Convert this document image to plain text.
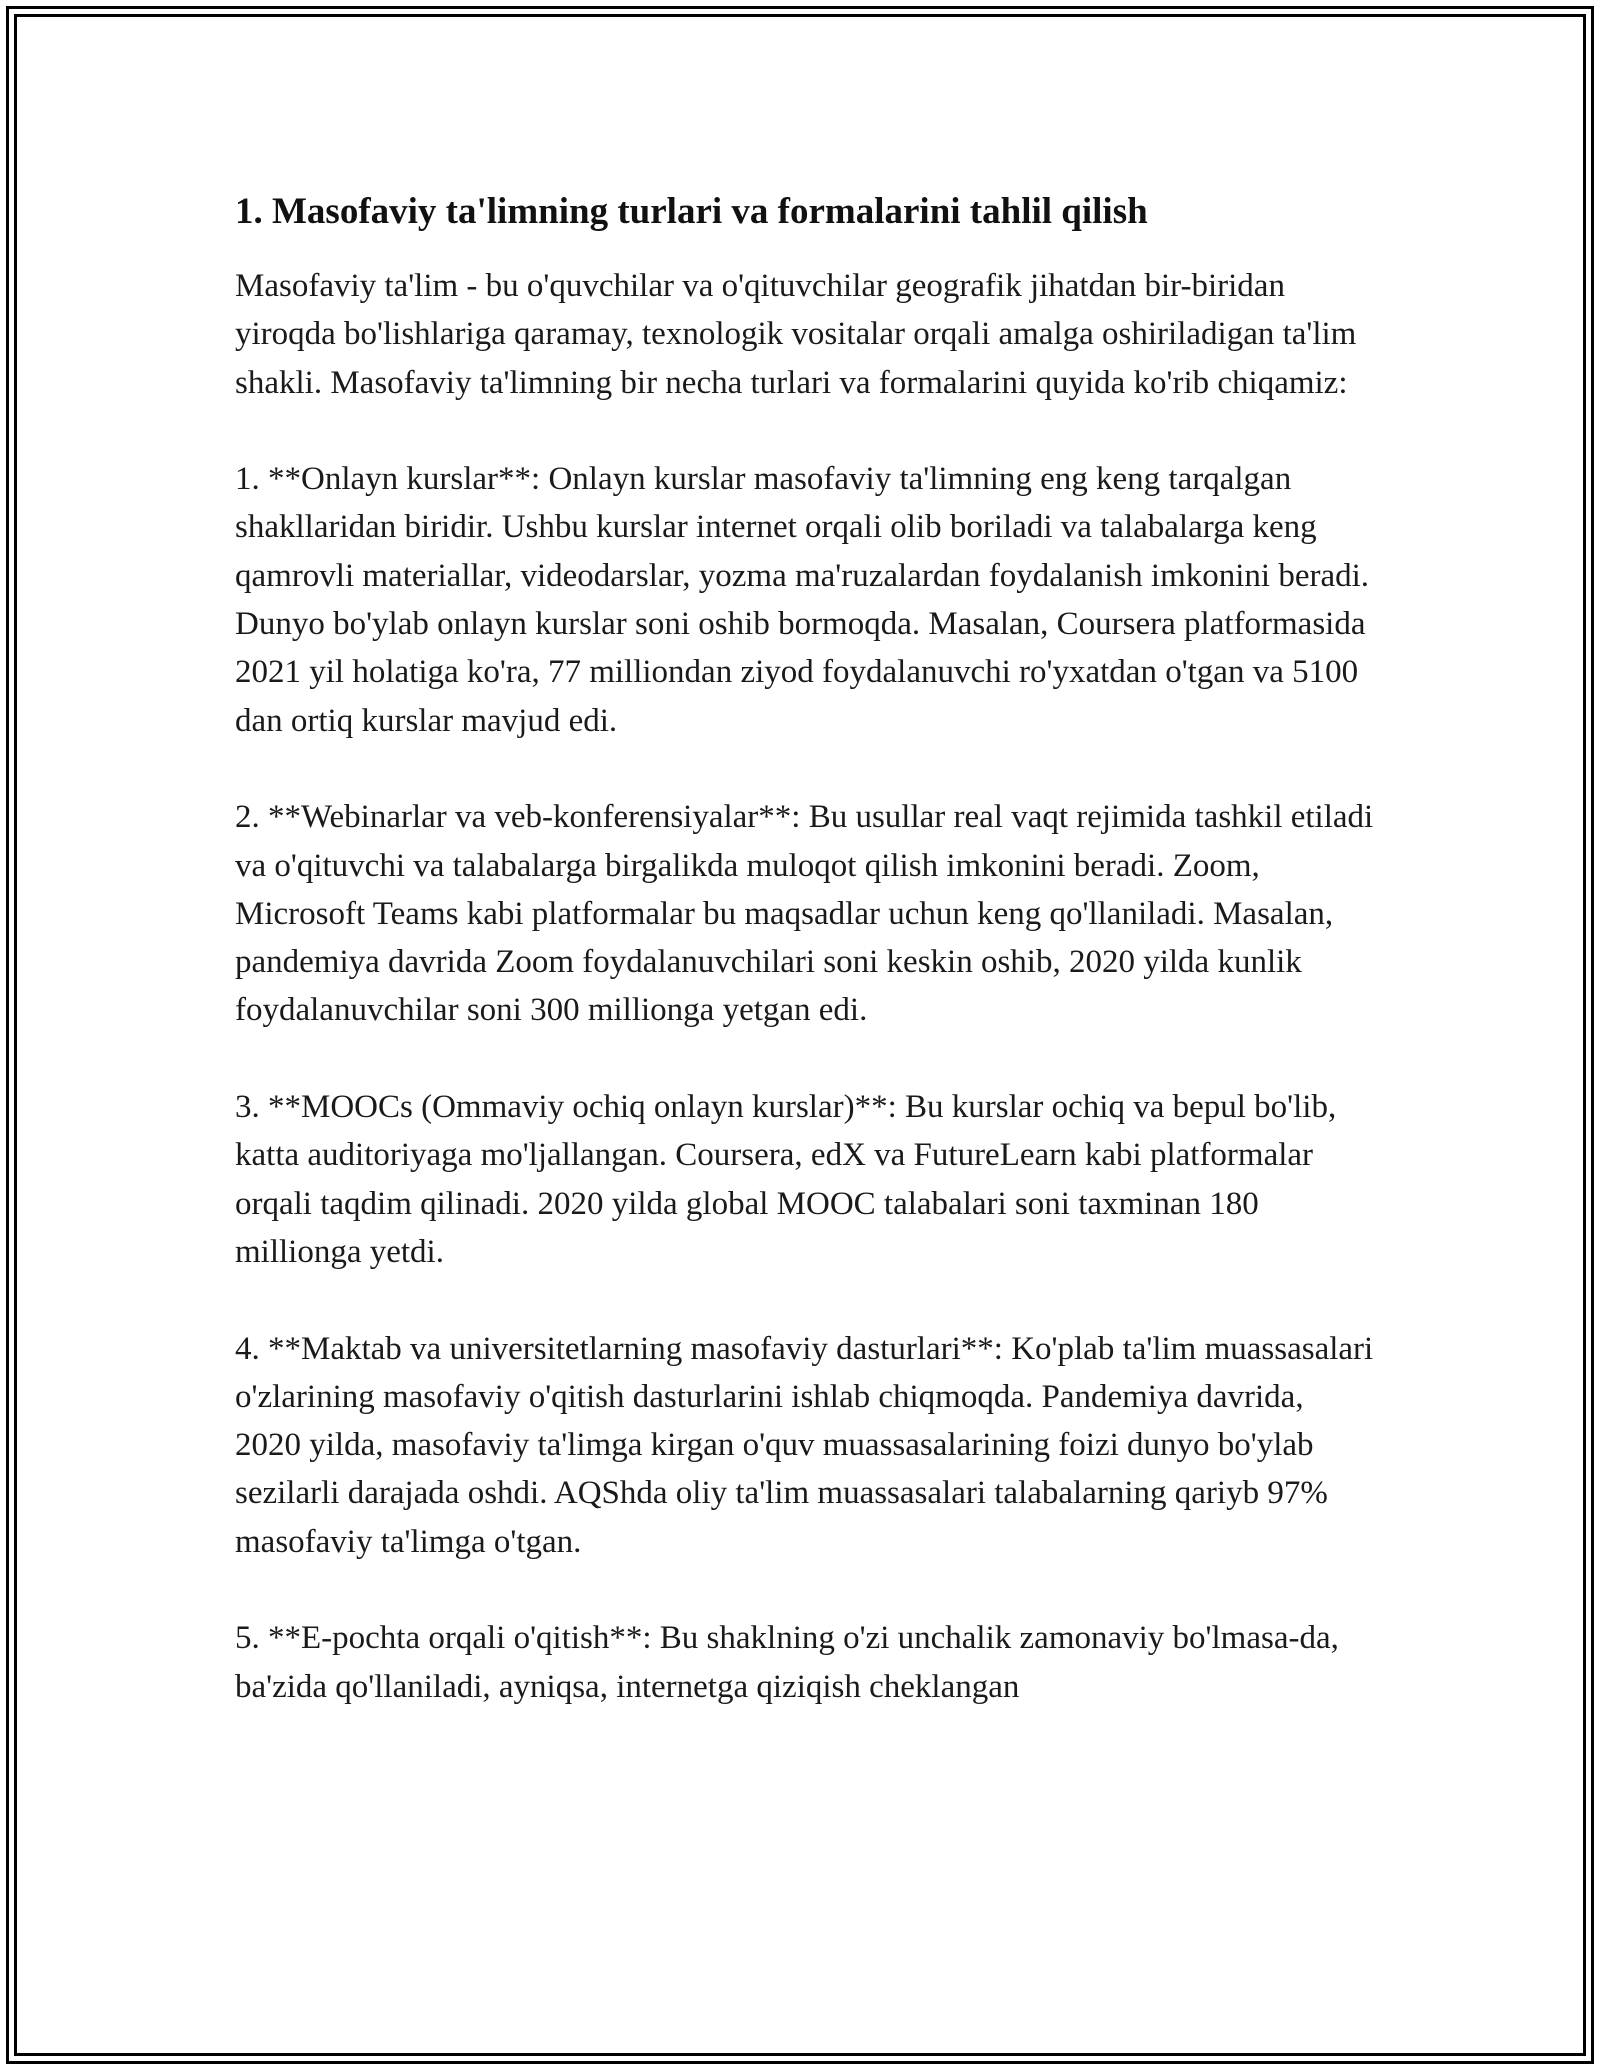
1. Masofaviy ta'limning turlari va formalarini tahlil qilish

Masofaviy ta'lim - bu o'quvchilar va o'qituvchilar geografik jihatdan bir-biridan yiroqda bo'lishlariga qaramay, texnologik vositalar orqali amalga oshiriladigan ta'lim shakli. Masofaviy ta'limning bir necha turlari va formalarini quyida ko'rib chiqamiz:

1. **Onlayn kurslar**: Onlayn kurslar masofaviy ta'limning eng keng tarqalgan shakllaridan biridir. Ushbu kurslar internet orqali olib boriladi va talabalarga keng qamrovli materiallar, videodarslar, yozma ma'ruzalardan foydalanish imkonini beradi. Dunyo bo'ylab onlayn kurslar soni oshib bormoqda. Masalan, Coursera platformasida 2021 yil holatiga ko'ra, 77 milliondan ziyod foydalanuvchi ro'yxatdan o'tgan va 5100 dan ortiq kurslar mavjud edi.

2. **Webinarlar va veb-konferensiyalar**: Bu usullar real vaqt rejimida tashkil etiladi va o'qituvchi va talabalarga birgalikda muloqot qilish imkonini beradi. Zoom, Microsoft Teams kabi platformalar bu maqsadlar uchun keng qo'llaniladi. Masalan, pandemiya davrida Zoom foydalanuvchilari soni keskin oshib, 2020 yilda kunlik foydalanuvchilar soni 300 millionga yetgan edi.

3. **MOOCs (Ommaviy ochiq onlayn kurslar)**: Bu kurslar ochiq va bepul bo'lib, katta auditoriyaga mo'ljallangan. Coursera, edX va FutureLearn kabi platformalar orqali taqdim qilinadi. 2020 yilda global MOOC talabalari soni taxminan 180 millionga yetdi.

4. **Maktab va universitetlarning masofaviy dasturlari**: Ko'plab ta'lim muassasalari o'zlarining masofaviy o'qitish dasturlarini ishlab chiqmoqda. Pandemiya davrida, 2020 yilda, masofaviy ta'limga kirgan o'quv muassasalarining foizi dunyo bo'ylab sezilarli darajada oshdi. AQShda oliy ta'lim muassasalari talabalarning qariyb 97% masofaviy ta'limga o'tgan.

5. **E-pochta orqali o'qitish**: Bu shaklning o'zi unchalik zamonaviy bo'lmasa-da, ba'zida qo'llaniladi, ayniqsa, internetga qiziqish cheklangan
